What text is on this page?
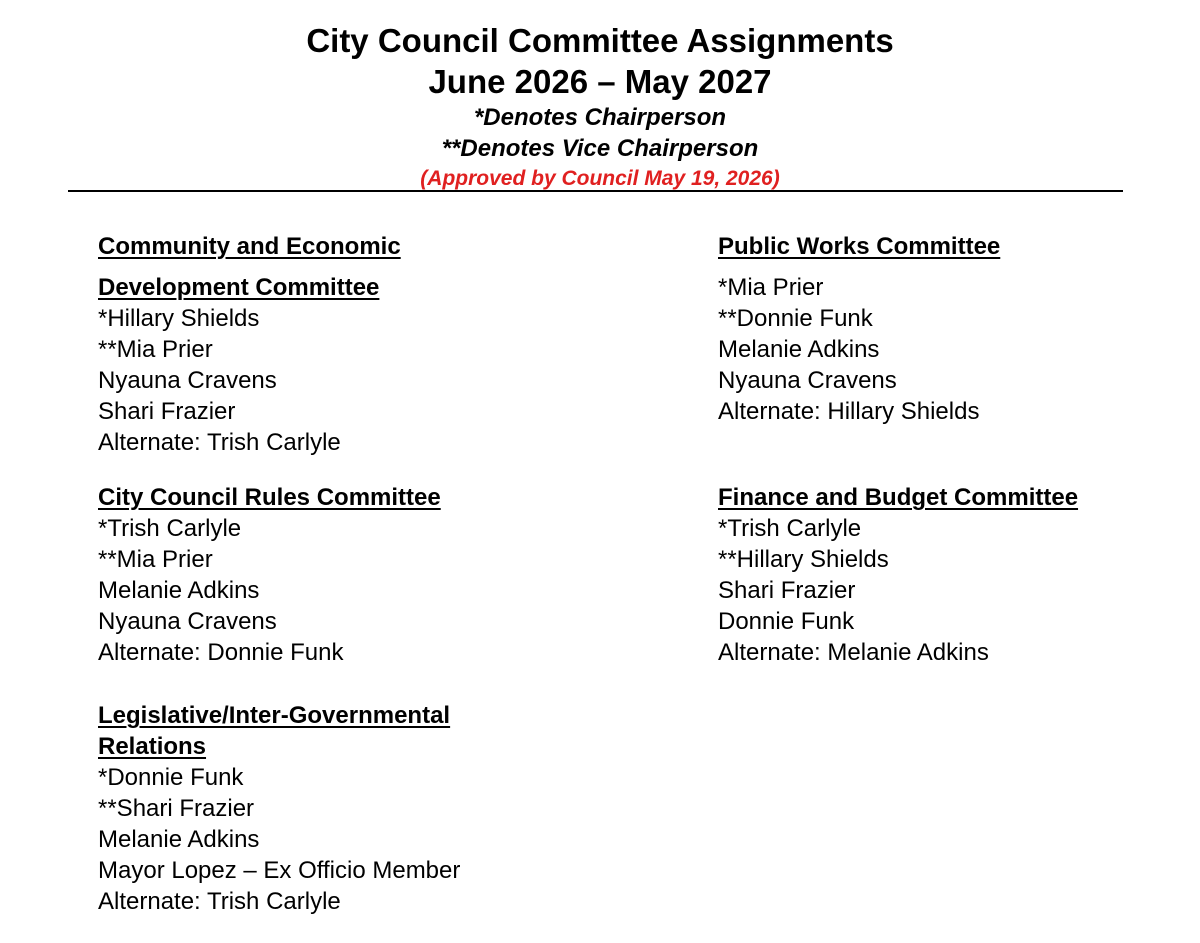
City Council Committee Assignments
June 2026 – May 2027

*Denotes Chairperson

**Denotes Vice Chairperson

(Approved by Council May 19, 2026)

Community and Economic

Development Committee

*Hillary Shields
**Mia Prier
Nyauna Cravens
Shari Frazier
Alternate: Trish Carlyle

Public Works Committee

*Mia Prier
**Donnie Funk
Melanie Adkins
Nyauna Cravens
Alternate: Hillary Shields

City Council Rules Committee

*Trish Carlyle
**Mia Prier
Melanie Adkins
Nyauna Cravens
Alternate: Donnie Funk

Finance and Budget Committee

*Trish Carlyle
**Hillary Shields
Shari Frazier
Donnie Funk
Alternate: Melanie Adkins

Legislative/Inter-Governmental

Relations

*Donnie Funk
**Shari Frazier
Melanie Adkins
Mayor Lopez – Ex Officio Member
Alternate: Trish Carlyle
